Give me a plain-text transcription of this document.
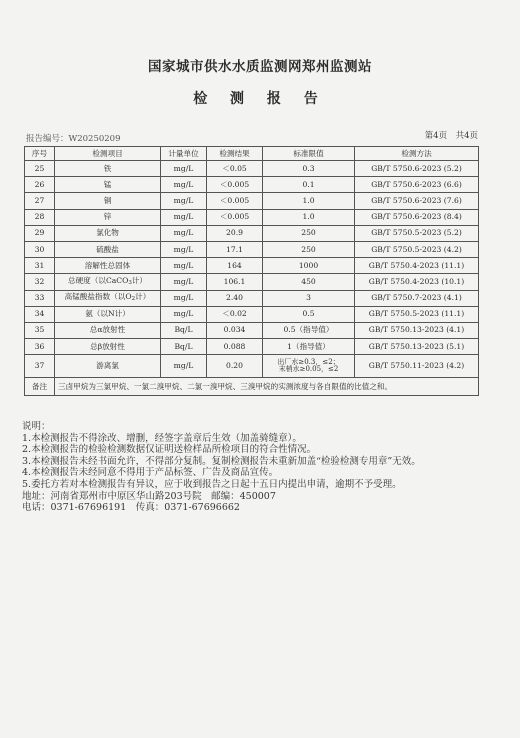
国家城市供水水质监测网郑州监测站
检 测 报 告
报告编号：W20250209	第4页　共4页
序号	检测项目	计量单位	检测结果	标准限值	检测方法
25	铁	mg/L	＜0.05	0.3	GB/T 5750.6-2023 (5.2)
26	锰	mg/L	＜0.005	0.1	GB/T 5750.6-2023 (6.6)
27	铜	mg/L	＜0.005	1.0	GB/T 5750.6-2023 (7.6)
28	锌	mg/L	＜0.005	1.0	GB/T 5750.6-2023 (8.4)
29	氯化物	mg/L	20.9	250	GB/T 5750.5-2023 (5.2)
30	硫酸盐	mg/L	17.1	250	GB/T 5750.5-2023 (4.2)
31	溶解性总固体	mg/L	164	1000	GB/T 5750.4-2023 (11.1)
32	总硬度（以CaCO$_3$计）	mg/L	106.1	450	GB/T 5750.4-2023 (10.1)
33	高锰酸盐指数（以$O_2$计）	mg/L	2.40	3	GB/T 5750.7-2023 (4.1)
34	氨（以N计）	mg/L	＜0.02	0.5	GB/T 5750.5-2023 (11.1)
35	总α放射性	Bq/L	0.034	0.5（指导值）	GB/T 5750.13-2023 (4.1)
36	总β放射性	Bq/L	0.088	1（指导值）	GB/T 5750.13-2023 (5.1)
37	游离氯	mg/L	0.20	出厂水≥0.3，≤2；
末梢水≥0.05，≤2	GB/T 5750.11-2023 (4.2)
备注	三卤甲烷为三氯甲烷、一氯二溴甲烷、二氯一溴甲烷、三溴甲烷的实测浓度与各自限值的比值之和。				
说明：
1.本检测报告不得涂改、增删，经签字盖章后生效（加盖骑缝章）。
2.本检测报告的检验检测数据仅证明送检样品所检项目的符合性情况。
3.本检测报告未经书面允许，不得部分复制。复制检测报告未重新加盖“检验检测专用章”无效。
4.本检测报告未经同意不得用于产品标签、广告及商品宣传。
5.委托方若对本检测报告有异议，应于收到报告之日起十五日内提出申请，逾期不予受理。
地址：河南省郑州市中原区华山路203号院　邮编：450007
电话：0371-67696191　传真：0371-67696662
